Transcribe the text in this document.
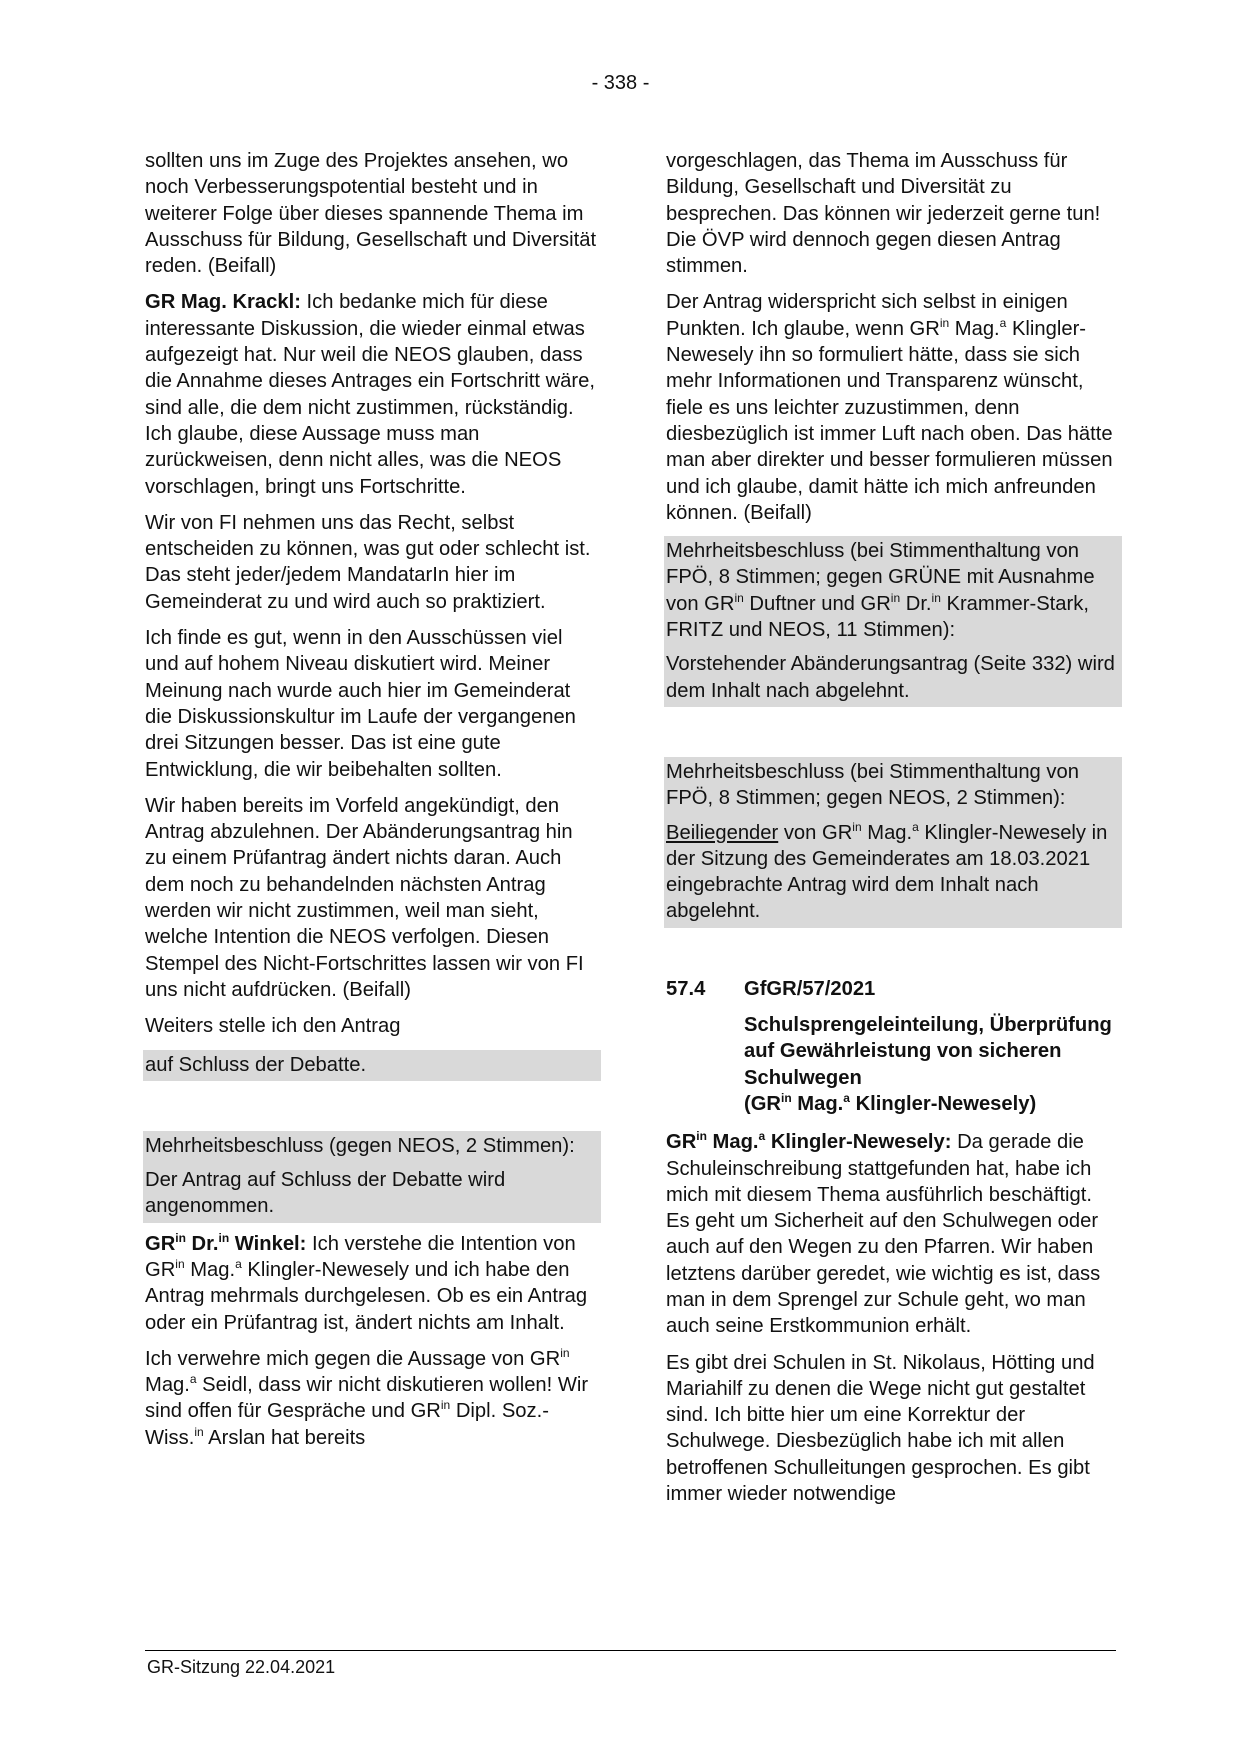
- 338 -

sollten uns im Zuge des Projektes ansehen, wo noch Verbesserungspotential besteht und in weiterer Folge über dieses spannende Thema im Ausschuss für Bildung, Gesellschaft und Diversität reden. (Beifall)

GR Mag. Krackl: Ich bedanke mich für diese interessante Diskussion, die wieder einmal etwas aufgezeigt hat. Nur weil die NEOS glauben, dass die Annahme dieses Antrages ein Fortschritt wäre, sind alle, die dem nicht zustimmen, rückständig. Ich glaube, diese Aussage muss man zurückweisen, denn nicht alles, was die NEOS vorschlagen, bringt uns Fortschritte.

Wir von FI nehmen uns das Recht, selbst entscheiden zu können, was gut oder schlecht ist. Das steht jeder/jedem MandatarIn hier im Gemeinderat zu und wird auch so praktiziert.

Ich finde es gut, wenn in den Ausschüssen viel und auf hohem Niveau diskutiert wird. Meiner Meinung nach wurde auch hier im Gemeinderat die Diskussionskultur im Laufe der vergangenen drei Sitzungen besser. Das ist eine gute Entwicklung, die wir beibehalten sollten.

Wir haben bereits im Vorfeld angekündigt, den Antrag abzulehnen. Der Abänderungsantrag hin zu einem Prüfantrag ändert nichts daran. Auch dem noch zu behandelnden nächsten Antrag werden wir nicht zustimmen, weil man sieht, welche Intention die NEOS verfolgen. Diesen Stempel des Nicht-Fortschrittes lassen wir von FI uns nicht aufdrücken. (Beifall)

Weiters stelle ich den Antrag

auf Schluss der Debatte.

Mehrheitsbeschluss (gegen NEOS, 2 Stimmen):

Der Antrag auf Schluss der Debatte wird angenommen.

$GR^{in}$ Dr.$^{in}$ Winkel: Ich verstehe die Intention von $GR^{in}$ Mag.$^a$ Klingler-Newesely und ich habe den Antrag mehrmals durchgelesen. Ob es ein Antrag oder ein Prüfantrag ist, ändert nichts am Inhalt.

Ich verwehre mich gegen die Aussage von $GR^{in}$ Mag.$^a$ Seidl, dass wir nicht diskutieren wollen! Wir sind offen für Gespräche und $GR^{in}$ Dipl. Soz.-Wiss.$^{in}$ Arslan hat bereits

vorgeschlagen, das Thema im Ausschuss für Bildung, Gesellschaft und Diversität zu besprechen. Das können wir jederzeit gerne tun! Die ÖVP wird dennoch gegen diesen Antrag stimmen.

Der Antrag widerspricht sich selbst in einigen Punkten. Ich glaube, wenn $GR^{in}$ Mag.$^a$ Klingler-Newesely ihn so formuliert hätte, dass sie sich mehr Informationen und Transparenz wünscht, fiele es uns leichter zuzustimmen, denn diesbezüglich ist immer Luft nach oben. Das hätte man aber direkter und besser formulieren müssen und ich glaube, damit hätte ich mich anfreunden können. (Beifall)

Mehrheitsbeschluss (bei Stimmenthaltung von FPÖ, 8 Stimmen; gegen GRÜNE mit Ausnahme von $GR^{in}$ Duftner und $GR^{in}$ Dr.$^{in}$ Krammer-Stark, FRITZ und NEOS, 11 Stimmen):

Vorstehender Abänderungsantrag (Seite 332) wird dem Inhalt nach abgelehnt.

Mehrheitsbeschluss (bei Stimmenthaltung von FPÖ, 8 Stimmen; gegen NEOS, 2 Stimmen):

Beiliegender von $GR^{in}$ Mag.$^a$ Klingler-Newesely in der Sitzung des Gemeinderates am 18.03.2021 eingebrachte Antrag wird dem Inhalt nach abgelehnt.

57.4 GfGR/57/2021
Schulsprengeleinteilung, Überprüfung auf Gewährleistung von sicheren Schulwegen
($GR^{in}$ Mag.$^a$ Klingler-Newesely)

$GR^{in}$ Mag.$^a$ Klingler-Newesely: Da gerade die Schuleinschreibung stattgefunden hat, habe ich mich mit diesem Thema ausführlich beschäftigt. Es geht um Sicherheit auf den Schulwegen oder auch auf den Wegen zu den Pfarren. Wir haben letztens darüber geredet, wie wichtig es ist, dass man in dem Sprengel zur Schule geht, wo man auch seine Erstkommunion erhält.

Es gibt drei Schulen in St. Nikolaus, Hötting und Mariahilf zu denen die Wege nicht gut gestaltet sind. Ich bitte hier um eine Korrektur der Schulwege. Diesbezüglich habe ich mit allen betroffenen Schulleitungen gesprochen. Es gibt immer wieder notwendige

GR-Sitzung 22.04.2021
